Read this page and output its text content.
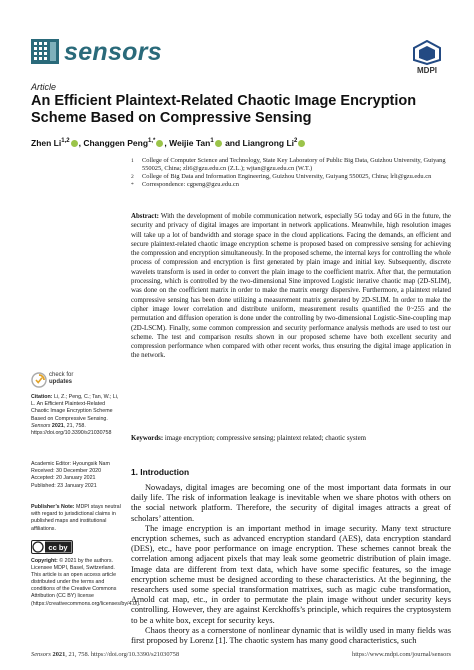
sensors
MDPI
Article
An Efficient Plaintext-Related Chaotic Image Encryption Scheme Based on Compressive Sensing
Zhen Li$^{1,2}$ , Changgen Peng$^{1,*}$ , Weijie Tan$^1$ and Liangrong Li$^2$
1 College of Computer Science and Technology, State Key Laboratory of Public Big Data, Guizhou University, Guiyang 550025, China; zli6@gzu.edu.cn (Z.L.); wjtan@gzu.edu.cn (W.T.)
2 College of Big Data and Information Engineering, Guizhou University, Guiyang 550025, China; lrli@gzu.edu.cn
* Correspondence: cgpeng@gzu.edu.cn
Abstract: With the development of mobile communication network, especially 5G today and 6G in the future, the security and privacy of digital images are important in network applications. Meanwhile, high resolution images will take up a lot of bandwidth and storage space in the cloud applications. Facing the demands, an efficient and secure plaintext-related chaotic image encryption scheme is proposed based on compressive sensing for achieving the compression and encryption simultaneously. In the proposed scheme, the internal keys for controlling the whole process of compression and encryption is first generated by plain image and initial key. Subsequently, discrete wavelets transform is used in order to convert the plain image to the coefficient matrix. After that, the permutation processing, which is controlled by the two-dimensional Sine improved Logistic iterative chaotic map (2D-SLIM), was done on the coefficient matrix in order to make the matrix energy dispersive. Furthermore, a plaintext related compressive sensing has been done utilizing a measurement matrix generated by 2D-SLIM. In order to make the cipher image lower correlation and distribute uniform, measurement results quantified the 0~255 and the permutation and diffusion operation is done under the controlling by two-dimensional Logistic-Sine-coupling map (2D-LSCM). Finally, some common compression and security performance analysis methods are used to test our scheme. The test and comparison results shown in our proposed scheme have both excellent security and compression performance when compared with other recent works, thus ensuring the digital image application in the network.
Keywords: image encryption; compressive sensing; plaintext related; chaotic system
check for
updates
Citation: Li, Z.; Peng, C.; Tan, W.; Li, L. An Efficient Plaintext-Related Chaotic Image Encryption Scheme Based on Compressive Sensing. Sensors 2021, 21, 758. https://doi.org/10.3390/s21030758
Academic Editor: Hyoungsik Nam
Received: 30 December 2020
Accepted: 20 January 2021
Published: 23 January 2021
Publisher’s Note: MDPI stays neutral with regard to jurisdictional claims in published maps and institutional affiliations.
cc by
Copyright: © 2021 by the authors. Licensee MDPI, Basel, Switzerland. This article is an open access article distributed under the terms and conditions of the Creative Commons Attribution (CC BY) license (https://creativecommons.org/licenses/by/4.0/).
1. Introduction

Nowadays, digital images are becoming one of the most important data formats in our daily life. The risk of information leakage is inevitable when we share photos with others on the social network platform. Therefore, the security of digital images attracts a great of scholars’ attention.

The image encryption is an important method in image security. Many text structure encryption schemes, such as advanced encryption standard (AES), data encryption standard (DES), etc., have poor performance on image encryption. These schemes cannot break the correlation among adjacent pixels that may leak some geometric distribution of plain image. Image data are different from text data, which have some specific features, so the image encryption scheme must be designed according to these characteristics. At the beginning, the researchers used some special transformation matrixes, such as magic cube transformation, Arnold cat map, etc., in order to permutate the plain image without under security keys controlling. However, they are against Kerckhoffs’s principle, which requires the cryptosystem to be a white box, except for security keys.

Chaos theory as a cornerstone of nonlinear dynamic that is wildly used in many fields was first proposed by Lorenz [1]. The chaotic system has many good characteristics, such

Sensors 2021, 21, 758. https://doi.org/10.3390/s21030758	https://www.mdpi.com/journal/sensors
